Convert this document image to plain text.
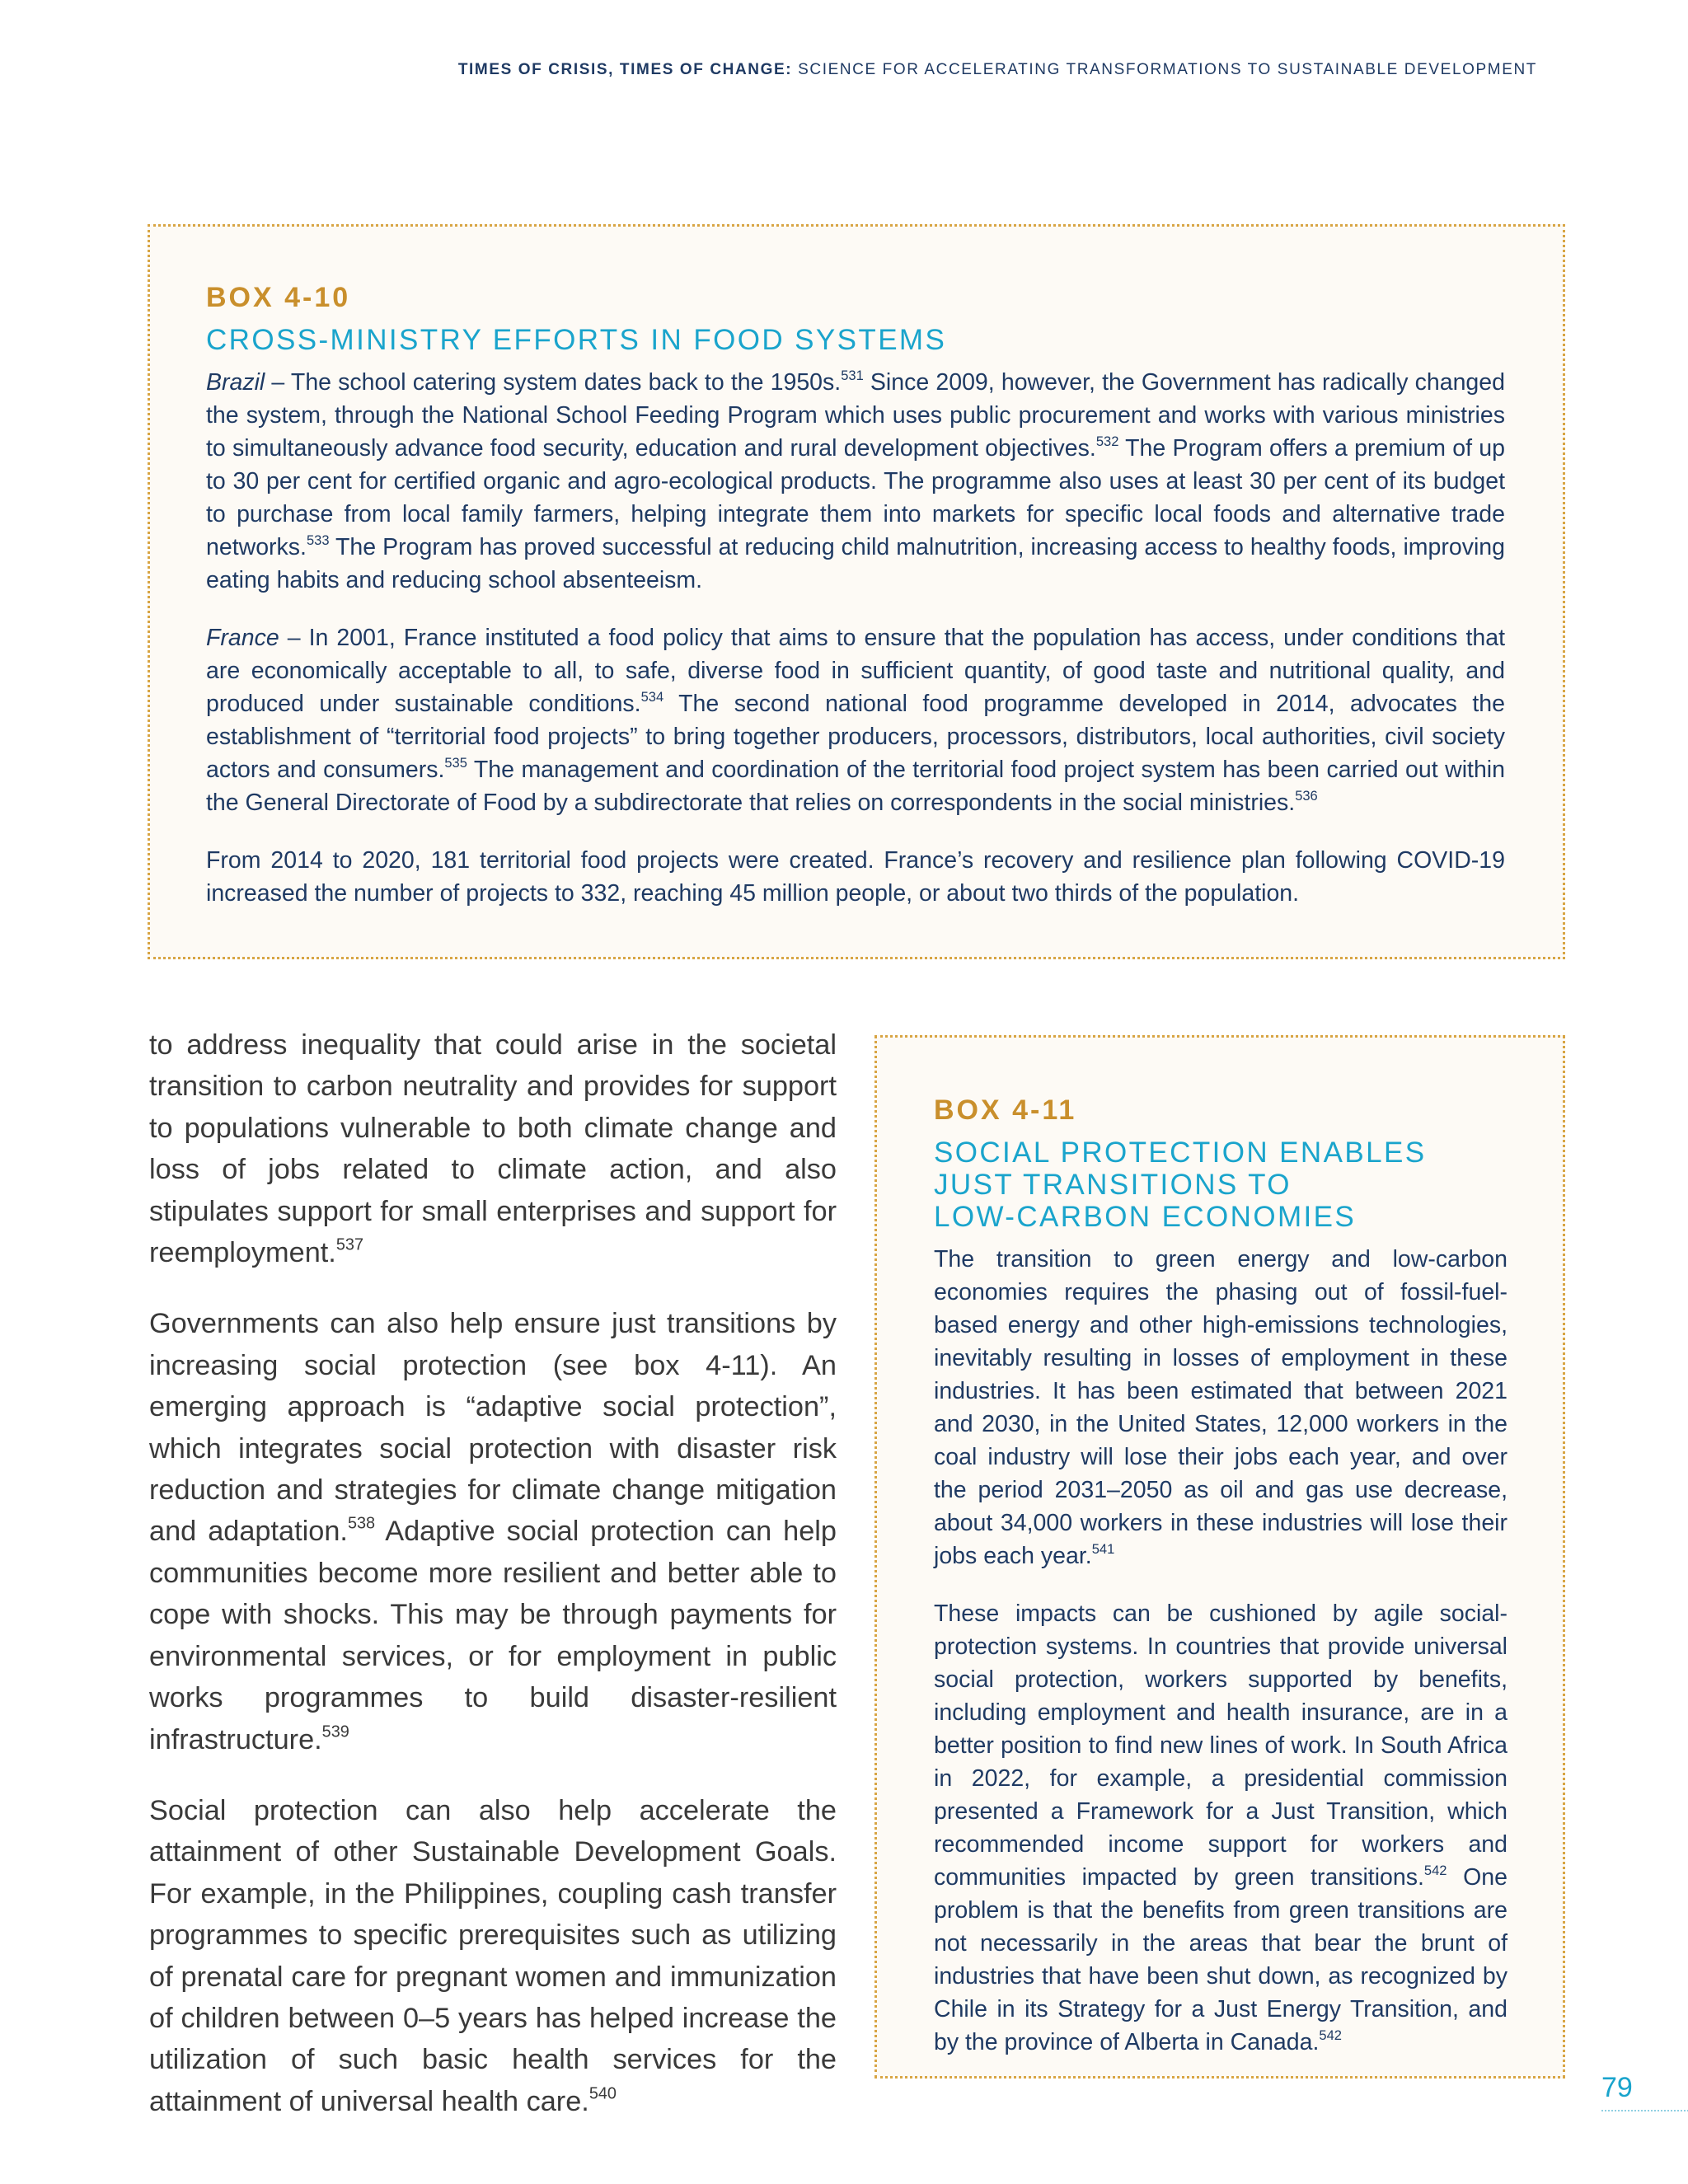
TIMES OF CRISIS, TIMES OF CHANGE: SCIENCE FOR ACCELERATING TRANSFORMATIONS TO SUSTAINABLE DEVELOPMENT
BOX 4-10
CROSS-MINISTRY EFFORTS IN FOOD SYSTEMS

Brazil – The school catering system dates back to the 1950s.$^{531}$ Since 2009, however, the Government has radically changed the system, through the National School Feeding Program which uses public procurement and works with various ministries to simultaneously advance food security, education and rural development objectives.$^{532}$ The Program offers a premium of up to 30 per cent for certified organic and agro-ecological products. The programme also uses at least 30 per cent of its budget to purchase from local family farmers, helping integrate them into markets for specific local foods and alternative trade networks.$^{533}$ The Program has proved successful at reducing child malnutrition, increasing access to healthy foods, improving eating habits and reducing school absenteeism.

France – In 2001, France instituted a food policy that aims to ensure that the population has access, under conditions that are economically acceptable to all, to safe, diverse food in sufficient quantity, of good taste and nutritional quality, and produced under sustainable conditions.$^{534}$ The second national food programme developed in 2014, advocates the establishment of “territorial food projects” to bring together producers, processors, distributors, local authorities, civil society actors and consumers.$^{535}$ The management and coordination of the territorial food project system has been carried out within the General Directorate of Food by a subdirectorate that relies on correspondents in the social ministries.$^{536}$

From 2014 to 2020, 181 territorial food projects were created. France’s recovery and resilience plan following COVID-19 increased the number of projects to 332, reaching 45 million people, or about two thirds of the population.

to address inequality that could arise in the societal transition to carbon neutrality and provides for support to populations vulnerable to both climate change and loss of jobs related to climate action, and also stipulates support for small enterprises and support for reemployment.$^{537}$

Governments can also help ensure just transitions by increasing social protection (see box 4-11). An emerging approach is “adaptive social protection”, which integrates social protection with disaster risk reduction and strategies for climate change mitigation and adaptation.$^{538}$ Adaptive social protection can help communities become more resilient and better able to cope with shocks. This may be through payments for environmental services, or for employment in public works programmes to build disaster-resilient infrastructure.$^{539}$

Social protection can also help accelerate the attainment of other Sustainable Development Goals. For example, in the Philippines, coupling cash transfer programmes to specific prerequisites such as utilizing of prenatal care for pregnant women and immunization of children between 0–5 years has helped increase the utilization of such basic health services for the attainment of universal health care.$^{540}$

BOX 4-11
SOCIAL PROTECTION ENABLES
JUST TRANSITIONS TO
LOW-CARBON ECONOMIES

The transition to green energy and low-carbon economies requires the phasing out of fossil-fuel-based energy and other high-emissions technologies, inevitably resulting in losses of employment in these industries. It has been estimated that between 2021 and 2030, in the United States, 12,000 workers in the coal industry will lose their jobs each year, and over the period 2031–2050 as oil and gas use decrease, about 34,000 workers in these industries will lose their jobs each year.$^{541}$

These impacts can be cushioned by agile social-protection systems. In countries that provide universal social protection, workers supported by benefits, including employment and health insurance, are in a better position to find new lines of work. In South Africa in 2022, for example, a presidential commission presented a Framework for a Just Transition, which recommended income support for workers and communities impacted by green transitions.$^{542}$ One problem is that the benefits from green transitions are not necessarily in the areas that bear the brunt of industries that have been shut down, as recognized by Chile in its Strategy for a Just Energy Transition, and by the province of Alberta in Canada.$^{542}$

79
